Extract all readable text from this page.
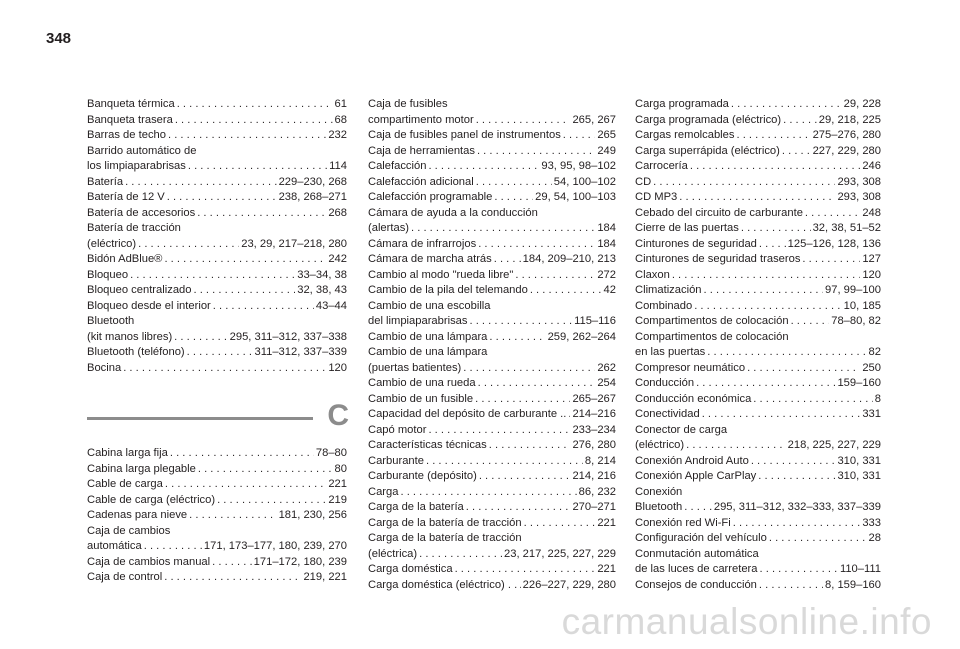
348
Banqueta térmica . . .	61
Banqueta trasera . . .	68
Barras de techo . . .	232
Barrido automático de
los limpiaparabrisas . . .	114
Batería . . .	229–230, 268
Batería de 12 V . . .	238, 268–271
Batería de accesorios . . .	268
Batería de tracción
(eléctrico) . . .	23, 29, 217–218, 280
Bidón AdBlue® . . .	242
Bloqueo . . .	33–34, 38
Bloqueo centralizado . . .	32, 38, 43
Bloqueo desde el interior . . .	43–44
Bluetooth
(kit manos libres) . . .	295, 311–312, 337–338
Bluetooth (teléfono) . . .	311–312, 337–339
Bocina . . .	120
C
Cabina larga fija . . .	78–80
Cabina larga plegable . . .	80
Cable de carga . . .	221
Cable de carga (eléctrico) . . .	219
Cadenas para nieve . . .	181, 230, 256
Caja de cambios
automática . . .	171, 173–177, 180, 239, 270
Caja de cambios manual . . .	171–172, 180, 239
Caja de control . . .	219, 221
Caja de fusibles
compartimento motor . . .	265, 267
Caja de fusibles panel de instrumentos . . .	265
Caja de herramientas . . .	249
Calefacción . . .	93, 95, 98–102
Calefacción adicional . . .	54, 100–102
Calefacción programable . . .	29, 54, 100–103
Cámara de ayuda a la conducción
(alertas) . . .	184
Cámara de infrarrojos . . .	184
Cámara de marcha atrás . . .	184, 209–210, 213
Cambio al modo "rueda libre" . . .	272
Cambio de la pila del telemando . . .	42
Cambio de una escobilla
del limpiaparabrisas . . .	115–116
Cambio de una lámpara . . .	259, 262–264
Cambio de una lámpara
(puertas batientes) . . .	262
Cambio de una rueda . . .	254
Cambio de un fusible . . .	265–267
Capacidad del depósito de carburante .. . . . 214–216
Capó motor . . .	233–234
Características técnicas . . .	276, 280
Carburante . . .	8, 214
Carburante (depósito) . . .	214, 216
Carga . . .	86, 232
Carga de la batería . . .	270–271
Carga de la batería de tracción . . .	221
Carga de la batería de tracción
(eléctrica) . . .	23, 217, 225, 227, 229
Carga doméstica . . .	221
Carga doméstica (eléctrico) . . . . . 226–227, 229, 280
Carga programada . . .	29, 228
Carga programada (eléctrico) . . .	29, 218, 225
Cargas remolcables . . .	275–276, 280
Carga superrápida (eléctrico) . . .	227, 229, 280
Carrocería . . .	246
CD . . .	293, 308
CD MP3 . . .	293, 308
Cebado del circuito de carburante . . .	248
Cierre de las puertas . . .	32, 38, 51–52
Cinturones de seguridad . . .	125–126, 128, 136
Cinturones de seguridad traseros . . .	127
Claxon . . .	120
Climatización . . .	97, 99–100
Combinado . . .	10, 185
Compartimentos de colocación . . .	78–80, 82
Compartimentos de colocación
en las puertas . . .	82
Compresor neumático . . .	250
Conducción . . .	159–160
Conducción económica . . .	8
Conectividad . . .	331
Conector de carga
(eléctrico) . . .	218, 225, 227, 229
Conexión Android Auto . . .	310, 331
Conexión Apple CarPlay . . .	310, 331
Conexión
Bluetooth . . .	295, 311–312, 332–333, 337–339
Conexión red Wi-Fi . . .	333
Configuración del vehículo . . .	28
Conmutación automática
de las luces de carretera . . .	110–111
Consejos de conducción . . .	8, 159–160
carmanualsonline.info
